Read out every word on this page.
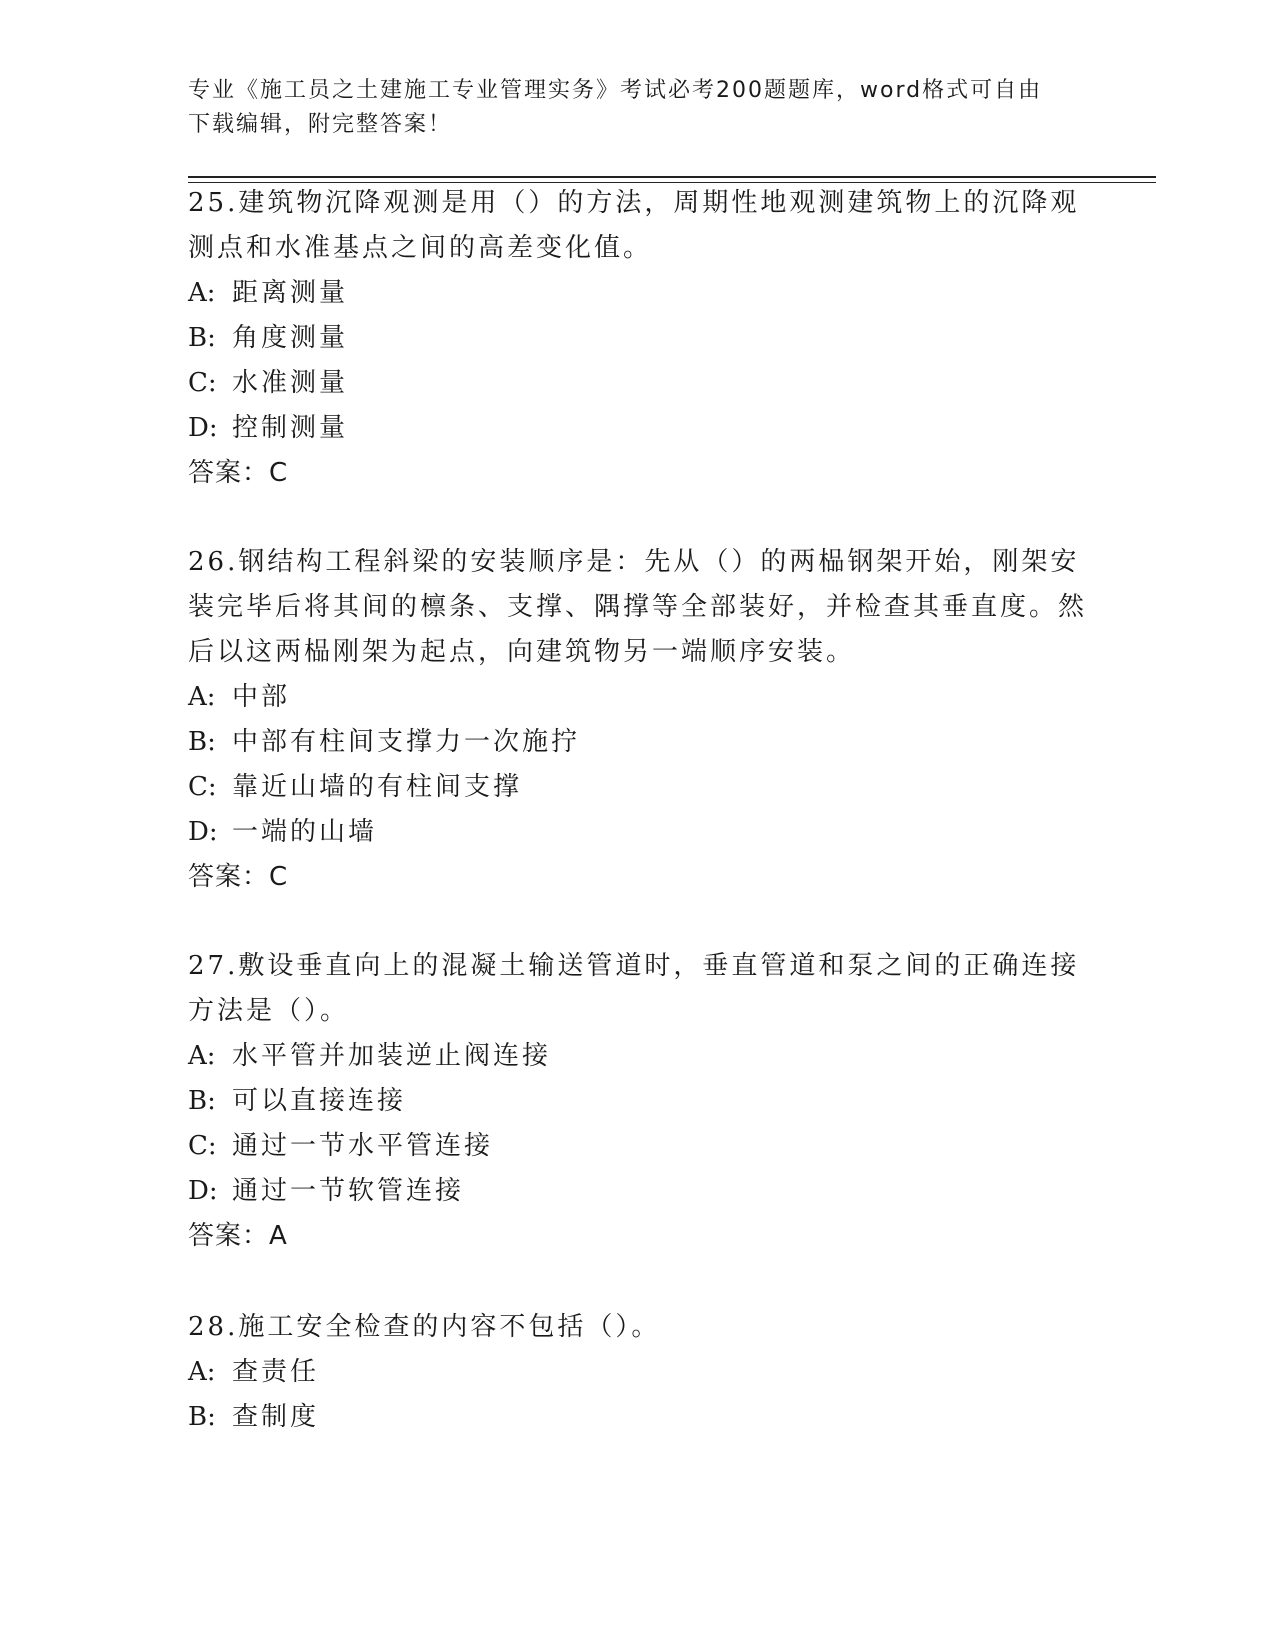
专业《施工员之土建施工专业管理实务》考试必考200题题库，word格式可自由
下载编辑，附完整答案！

25.建筑物沉降观测是用（）的方法，周期性地观测建筑物上的沉降观测点和水准基点之间的高差变化值。

A: 距离测量

B: 角度测量

C: 水准测量

D: 控制测量

答案：C

26.钢结构工程斜梁的安装顺序是：先从（）的两榀钢架开始，刚架安装完毕后将其间的檩条、支撑、隅撑等全部装好，并检查其垂直度。然后以这两榀刚架为起点，向建筑物另一端顺序安装。

A: 中部

B: 中部有柱间支撑力一次施拧

C: 靠近山墙的有柱间支撑

D: 一端的山墙

答案：C

27.敷设垂直向上的混凝土输送管道时，垂直管道和泵之间的正确连接方法是（）。

A: 水平管并加装逆止阀连接

B: 可以直接连接

C: 通过一节水平管连接

D: 通过一节软管连接

答案：A

28.施工安全检查的内容不包括（）。

A: 查责任

B: 查制度
